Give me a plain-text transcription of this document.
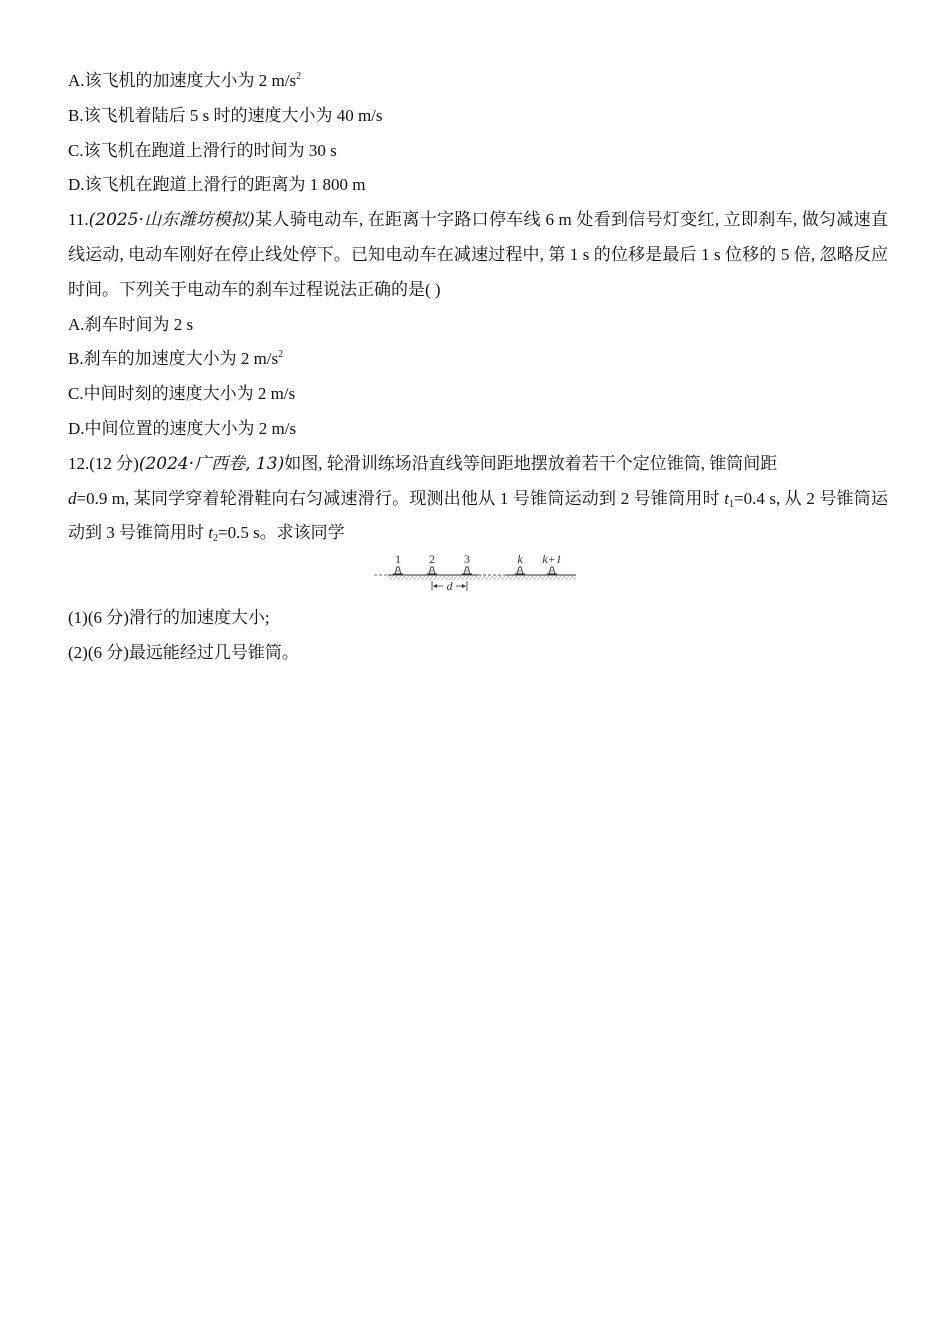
A.该飞机的加速度大小为 2 $m/s^2$
B.该飞机着陆后 5 s 时的速度大小为 40 m/s
C.该飞机在跑道上滑行的时间为 30 s
D.该飞机在跑道上滑行的距离为 1 800 m
11.(2025·山东潍坊模拟)某人骑电动车, 在距离十字路口停车线 6 m 处看到信号灯变红, 立即刹车, 做匀减速直线运动, 电动车刚好在停止线处停下。已知电动车在减速过程中, 第 1 s 的位移是最后 1 s 位移的 5 倍, 忽略反应时间。下列关于电动车的刹车过程说法正确的是( )
A.刹车时间为 2 s
B.刹车的加速度大小为 2 $m/s^2$
C.中间时刻的速度大小为 2 m/s
D.中间位置的速度大小为 2 m/s
12.(12 分)(2024·广西卷, 13)如图, 轮滑训练场沿直线等间距地摆放着若干个定位锥筒, 锥筒间距
d=0.9 m, 某同学穿着轮滑鞋向右匀减速滑行。现测出他从 1 号锥筒运动到 2 号锥筒用时 $t_1=0.4$ s, 从 2 号锥筒运动到 3 号锥筒用时 $t_2=0.5$ s。求该同学
1 2 3	k k+1
d
(1)(6 分)滑行的加速度大小;
(2)(6 分)最远能经过几号锥筒。
